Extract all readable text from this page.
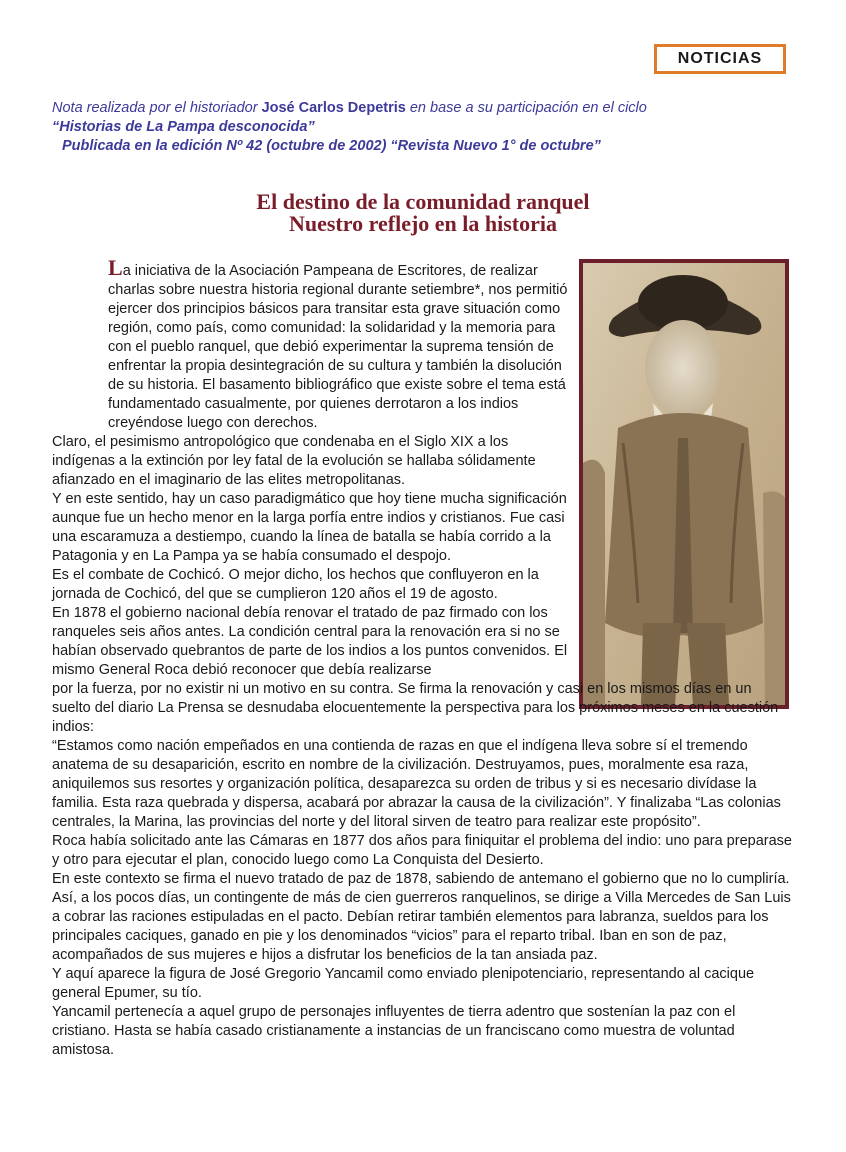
NOTICIAS
Nota realizada por el historiador José Carlos Depetris en base a su participación en el ciclo
“Historias de La Pampa desconocida”

Publicada en la edición Nº 42 (octubre de 2002) “Revista Nuevo 1° de octubre”
El destino de la comunidad ranquel
Nuestro reflejo en la historia

La iniciativa de la Asociación Pampeana de Escritores, de realizar charlas sobre nuestra historia regional durante setiembre*, nos permitió ejercer dos principios básicos para transitar esta grave situación como región, como país, como comunidad: la solidaridad y la memoria para con el pueblo ranquel, que debió experimentar la suprema tensión de enfrentar la propia desintegración de su cultura y también la disolución de su historia. El basamento bibliográfico que existe sobre el tema está fundamentado casualmente, por quienes derrotaron a los indios creyéndose luego con derechos.

Claro, el pesimismo antropológico que condenaba en el Siglo XIX a los indígenas a la extinción por ley fatal de la evolución se hallaba sólidamente afianzado en el imaginario de las elites metropolitanas.

Y en este sentido, hay un caso paradigmático que hoy tiene mucha significación aunque fue un hecho menor en la larga porfía entre indios y cristianos. Fue casi una escaramuza a destiempo, cuando la línea de batalla se había corrido a la Patagonia y en La Pampa ya se había consumado el despojo.

Es el combate de Cochicó. O mejor dicho, los hechos que confluyeron en la jornada de Cochicó, del que se cumplieron 120 años el 19 de agosto.

En 1878 el gobierno nacional debía renovar el tratado de paz firmado con los ranqueles seis años antes. La condición central para la renovación era si no se habían observado quebrantos de parte de los indios a los puntos convenidos. El mismo General Roca debió reconocer que debía realizarse

por la fuerza, por no existir ni un motivo en su contra. Se firma la renovación y casi en los mismos días en un suelto del diario La Prensa se desnudaba elocuentemente la perspectiva para los próximos meses en la cuestión indios:

“Estamos como nación empeñados en una contienda de razas en que el indígena lleva sobre sí el tremendo anatema de su desaparición, escrito en nombre de la civilización. Destruyamos, pues, moralmente esa raza, aniquilemos sus resortes y organización política, desaparezca su orden de tribus y si es necesario divídase la familia. Esta raza quebrada y dispersa, acabará por abrazar la causa de la civilización”. Y finalizaba “Las colonias centrales, la Marina, las provincias del norte y del litoral sirven de teatro para realizar este propósito”.

Roca había solicitado ante las Cámaras en 1877 dos años para finiquitar el problema del indio: uno para preparase y otro para ejecutar el plan, conocido luego como La Conquista del Desierto.

En este contexto se firma el nuevo tratado de paz de 1878, sabiendo de antemano el gobierno que no lo cumpliría.

Así, a los pocos días, un contingente de más de cien guerreros ranquelinos, se dirige a Villa Mercedes de San Luis a cobrar las raciones estipuladas en el pacto. Debían retirar también elementos para labranza, sueldos para los principales caciques, ganado en pie y los denominados “vicios” para el reparto tribal. Iban en son de paz, acompañados de sus mujeres e hijos a disfrutar los beneficios de la tan ansiada paz.

Y aquí aparece la figura de José Gregorio Yancamil como enviado plenipotenciario, representando al cacique general Epumer, su tío.

Yancamil pertenecía a aquel grupo de personajes influyentes de tierra adentro que sostenían la paz con el cristiano. Hasta se había casado cristianamente a instancias de un franciscano como muestra de voluntad amistosa.
